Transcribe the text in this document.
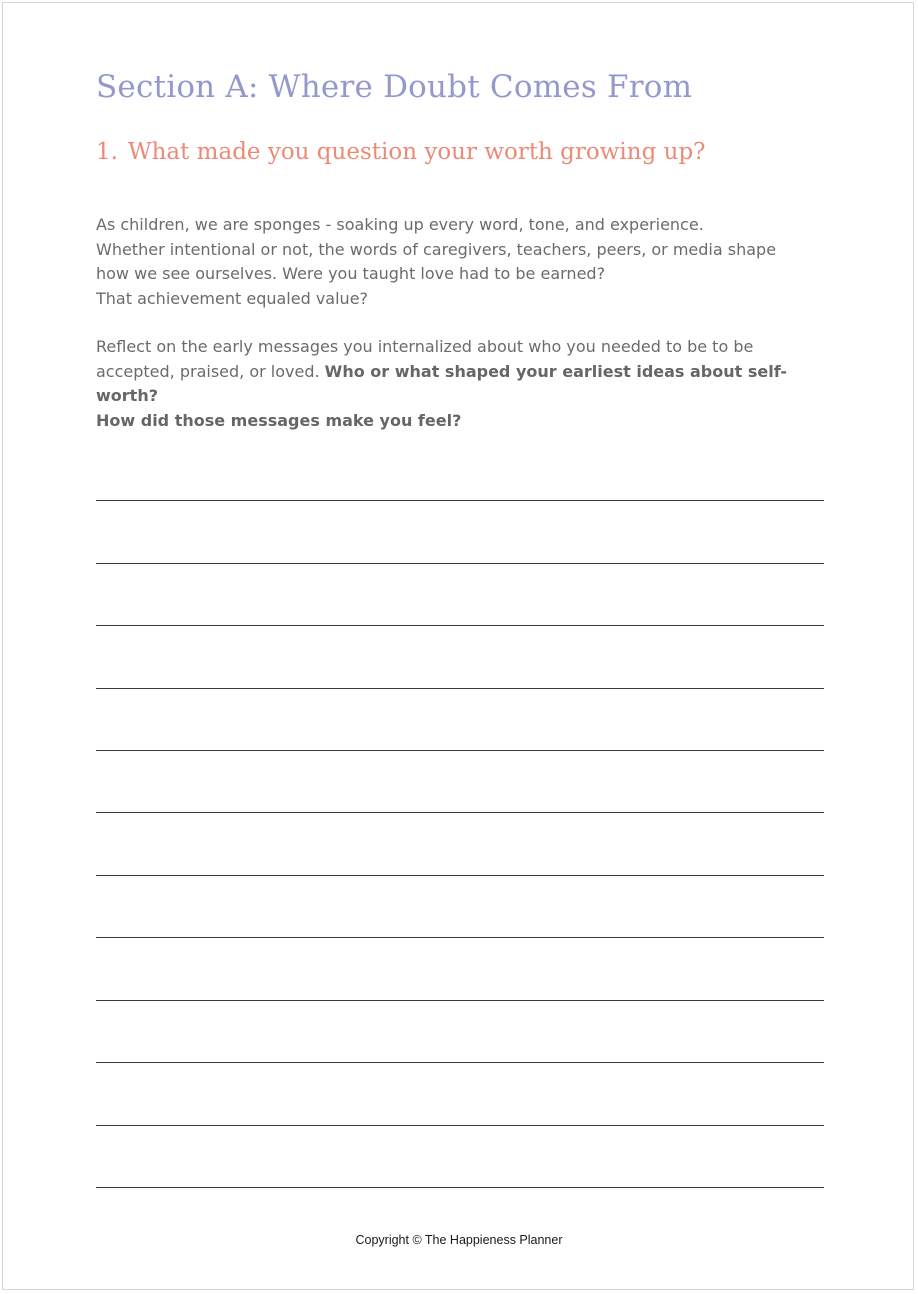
Section A: Where Doubt Comes From
1. What made you question your worth growing up?

As children, we are sponges - soaking up every word, tone, and experience.
Whether intentional or not, the words of caregivers, teachers, peers, or media shape
how we see ourselves. Were you taught love had to be earned?
That achievement equaled value?

Reflect on the early messages you internalized about who you needed to be to be accepted, praised, or loved. Who or what shaped your earliest ideas about self-worth?
How did those messages make you feel?

Copyright © The Happieness Planner
